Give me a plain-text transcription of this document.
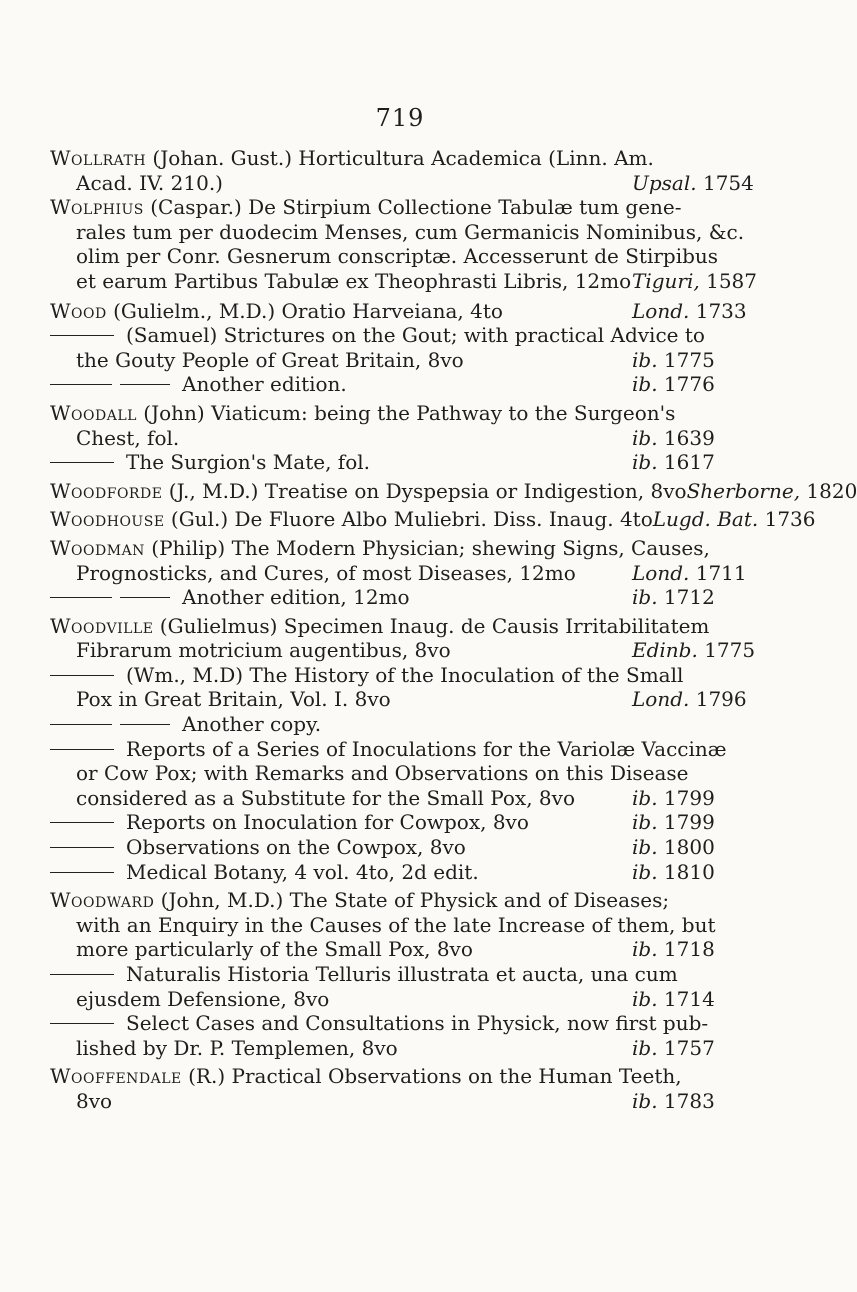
719
Wollrath (Johan. Gust.) Horticultura Academica (Linn. Am.
Acad. IV. 210.)	Upsal. 1754
Wolphius (Caspar.) De Stirpium Collectione Tabulæ tum gene-
rales tum per duodecim Menses, cum Germanicis Nominibus, &c.
olim per Conr. Gesnerum conscriptæ. Accesserunt de Stirpibus
et earum Partibus Tabulæ ex Theophrasti Libris, 12mo Tiguri, 1587
Wood (Gulielm., M.D.) Oratio Harveiana, 4to	Lond. 1733
(Samuel) Strictures on the Gout; with practical Advice to
the Gouty People of Great Britain, 8vo	ib. 1775
Another edition.	ib. 1776
Woodall (John) Viaticum: being the Pathway to the Surgeon's
Chest, fol.	ib. 1639
The Surgion's Mate, fol.	ib. 1617
Woodforde (J., M.D.) Treatise on Dyspepsia or Indigestion, 8vo Sherborne, 1820
Woodhouse (Gul.) De Fluore Albo Muliebri. Diss. Inaug. 4to Lugd. Bat. 1736
Woodman (Philip) The Modern Physician; shewing Signs, Causes,
Prognosticks, and Cures, of most Diseases, 12mo	Lond. 1711
Another edition, 12mo	ib. 1712
Woodville (Gulielmus) Specimen Inaug. de Causis Irritabilitatem
Fibrarum motricium augentibus, 8vo	Edinb. 1775
(Wm., M.D) The History of the Inoculation of the Small
Pox in Great Britain, Vol. I. 8vo	Lond. 1796
Another copy.
Reports of a Series of Inoculations for the Variolæ Vaccinæ
or Cow Pox; with Remarks and Observations on this Disease
considered as a Substitute for the Small Pox, 8vo	ib. 1799
Reports on Inoculation for Cowpox, 8vo	ib. 1799
Observations on the Cowpox, 8vo	ib. 1800
Medical Botany, 4 vol. 4to, 2d edit.	ib. 1810
Woodward (John, M.D.) The State of Physick and of Diseases;
with an Enquiry in the Causes of the late Increase of them, but
more particularly of the Small Pox, 8vo	ib. 1718
Naturalis Historia Telluris illustrata et aucta, una cum
ejusdem Defensione, 8vo	ib. 1714
Select Cases and Consultations in Physick, now first pub-
lished by Dr. P. Templemen, 8vo	ib. 1757
Wooffendale (R.) Practical Observations on the Human Teeth,
8vo	ib. 1783
